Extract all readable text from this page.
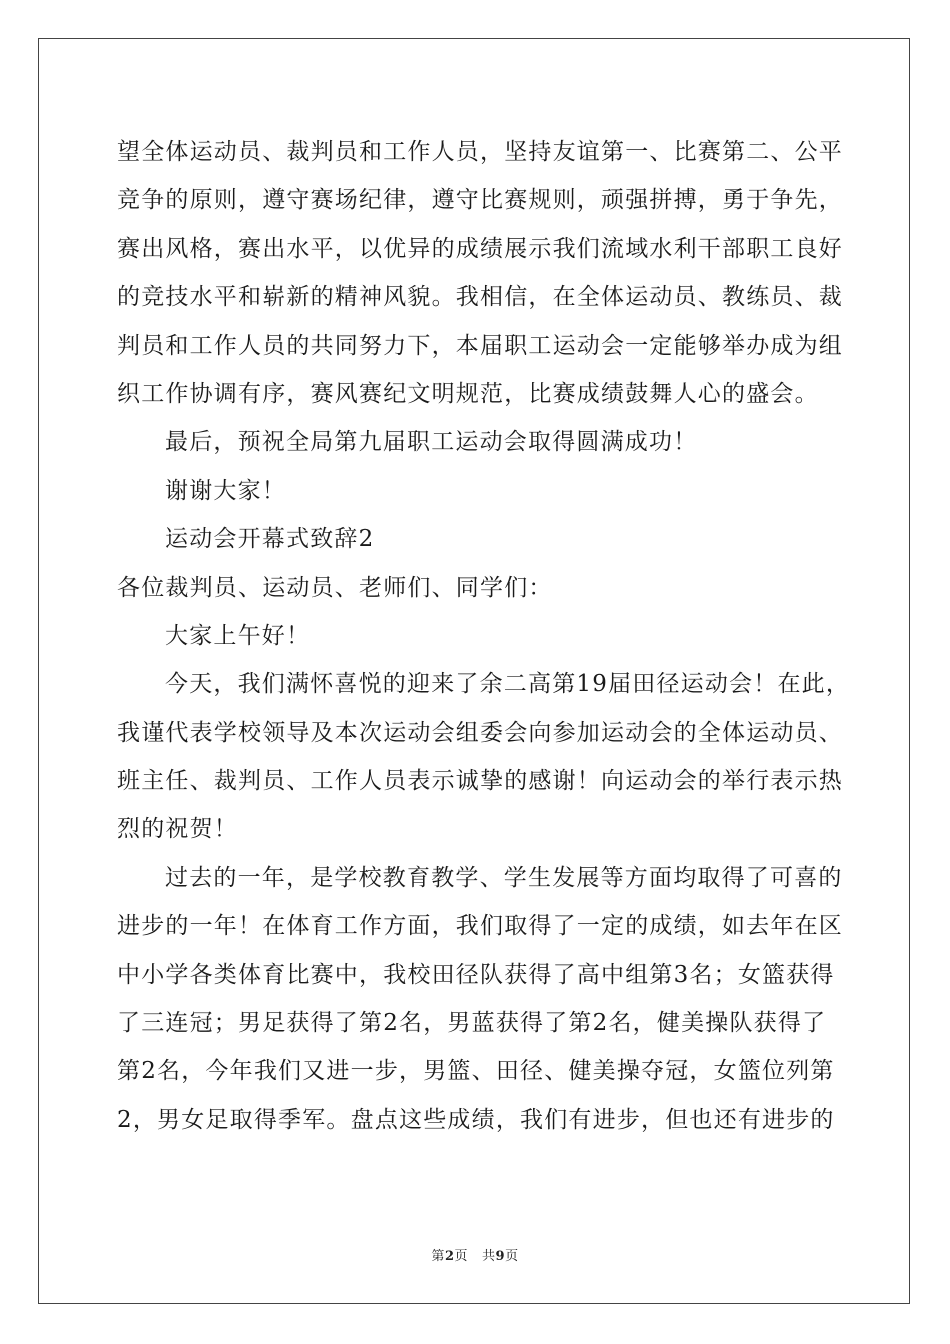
望全体运动员、裁判员和工作人员，坚持友谊第一、比赛第二、公平
竞争的原则，遵守赛场纪律，遵守比赛规则，顽强拼搏，勇于争先，
赛出风格，赛出水平，以优异的成绩展示我们流域水利干部职工良好
的竞技水平和崭新的精神风貌。我相信，在全体运动员、教练员、裁
判员和工作人员的共同努力下，本届职工运动会一定能够举办成为组
织工作协调有序，赛风赛纪文明规范，比赛成绩鼓舞人心的盛会。
最后，预祝全局第九届职工运动会取得圆满成功！
谢谢大家！
运动会开幕式致辞2
各位裁判员、运动员、老师们、同学们：
大家上午好！
今天，我们满怀喜悦的迎来了余二高第19届田径运动会！在此，
我谨代表学校领导及本次运动会组委会向参加运动会的全体运动员、
班主任、裁判员、工作人员表示诚挚的感谢！向运动会的举行表示热
烈的祝贺！
过去的一年，是学校教育教学、学生发展等方面均取得了可喜的
进步的一年！在体育工作方面，我们取得了一定的成绩，如去年在区
中小学各类体育比赛中，我校田径队获得了高中组第3名；女篮获得
了三连冠；男足获得了第2名，男蓝获得了第2名，健美操队获得了
第2名，今年我们又进一步，男篮、田径、健美操夺冠，女篮位列第
2，男女足取得季军。盘点这些成绩，我们有进步，但也还有进步的
第2页 共9页
